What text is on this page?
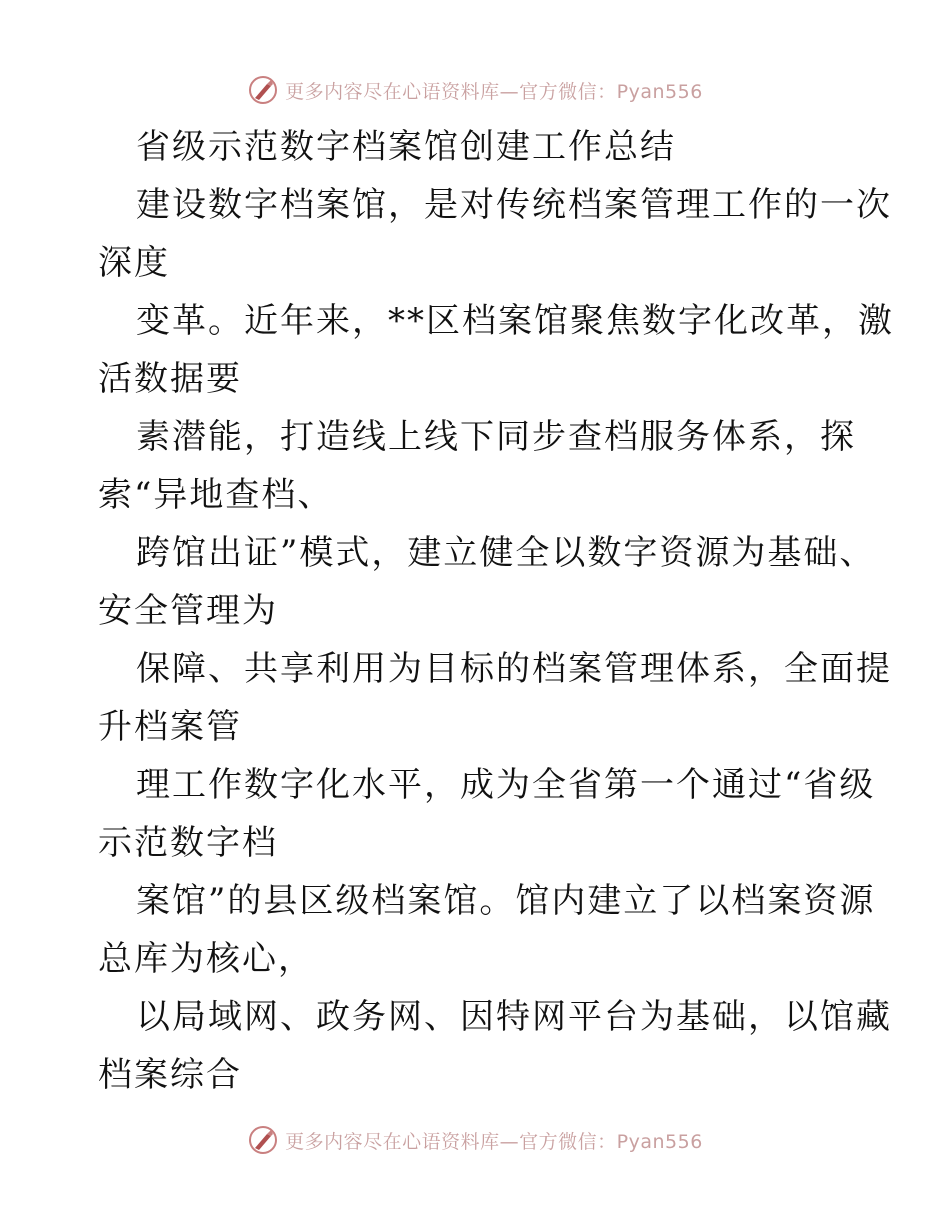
更多内容尽在心语资料库—官方微信：Pyan556
省级示范数字档案馆创建工作总结
建设数字档案馆，是对传统档案管理工作的一次
深度
变革。近年来，**区档案馆聚焦数字化改革，激
活数据要
素潜能，打造线上线下同步查档服务体系，探
索“异地查档、
跨馆出证”模式，建立健全以数字资源为基础、
安全管理为
保障、共享利用为目标的档案管理体系，全面提
升档案管
理工作数字化水平，成为全省第一个通过“省级
示范数字档
案馆”的县区级档案馆。馆内建立了以档案资源
总库为核心，
以局域网、政务网、因特网平台为基础，以馆藏
档案综合
更多内容尽在心语资料库—官方微信：Pyan556
